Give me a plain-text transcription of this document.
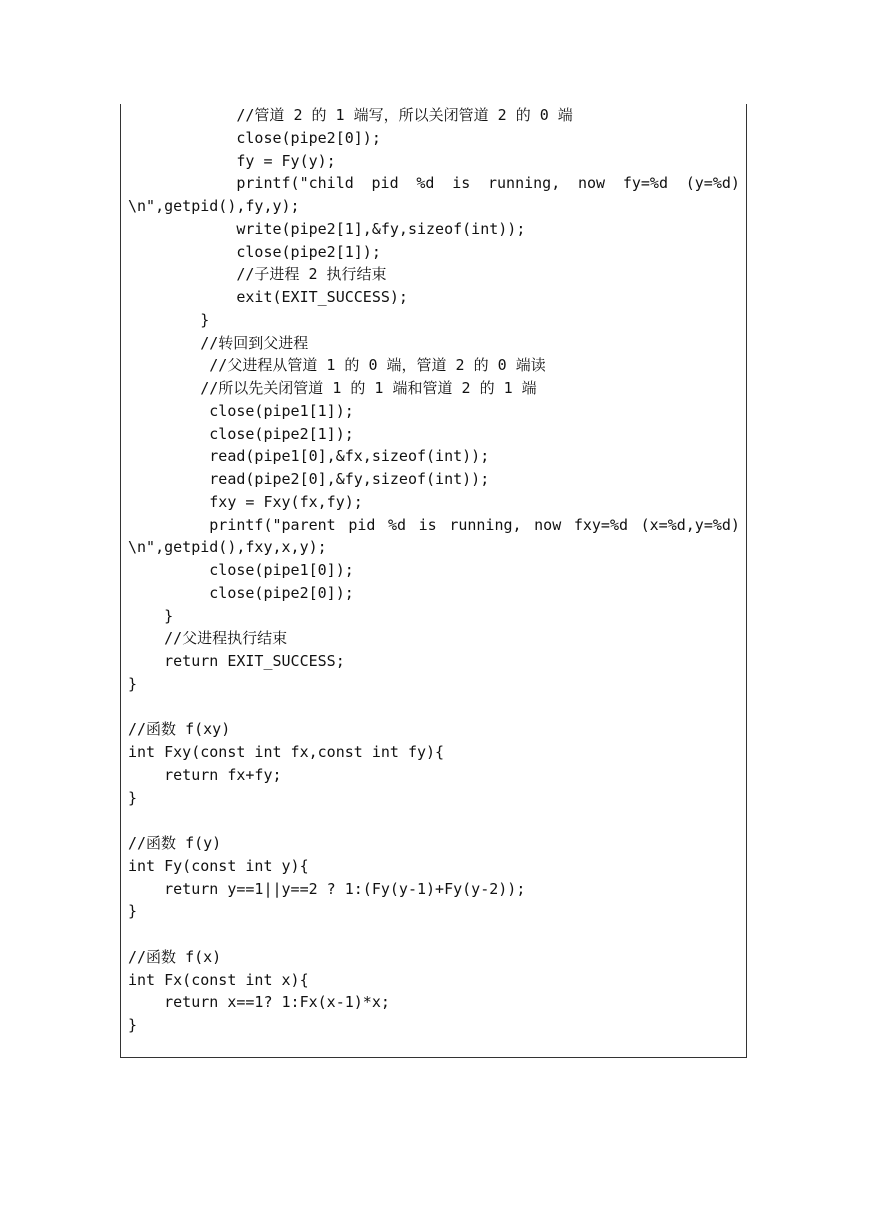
//管道 2 的 1 端写，所以关闭管道 2 的 0 端
close(pipe2[0]);
fy = Fy(y);
printf("child pid %d is running, now fy=%d (y=%d)
\n",getpid(),fy,y);
write(pipe2[1],&fy,sizeof(int));
close(pipe2[1]);
//子进程 2 执行结束
exit(EXIT_SUCCESS);
}
//转回到父进程
//父进程从管道 1 的 0 端，管道 2 的 0 端读
//所以先关闭管道 1 的 1 端和管道 2 的 1 端
close(pipe1[1]);
close(pipe2[1]);
read(pipe1[0],&fx,sizeof(int));
read(pipe2[0],&fy,sizeof(int));
fxy = Fxy(fx,fy);
printf("parent pid %d is running, now fxy=%d (x=%d,y=%d)
\n",getpid(),fxy,x,y);
close(pipe1[0]);
close(pipe2[0]);
}
//父进程执行结束
return EXIT_SUCCESS;
}
//函数 f(xy)
int Fxy(const int fx,const int fy){
return fx+fy;
}
//函数 f(y)
int Fy(const int y){
return y==1||y==2 ? 1:(Fy(y-1)+Fy(y-2));
}
//函数 f(x)
int Fx(const int x){
return x==1? 1:Fx(x-1)*x;
}
